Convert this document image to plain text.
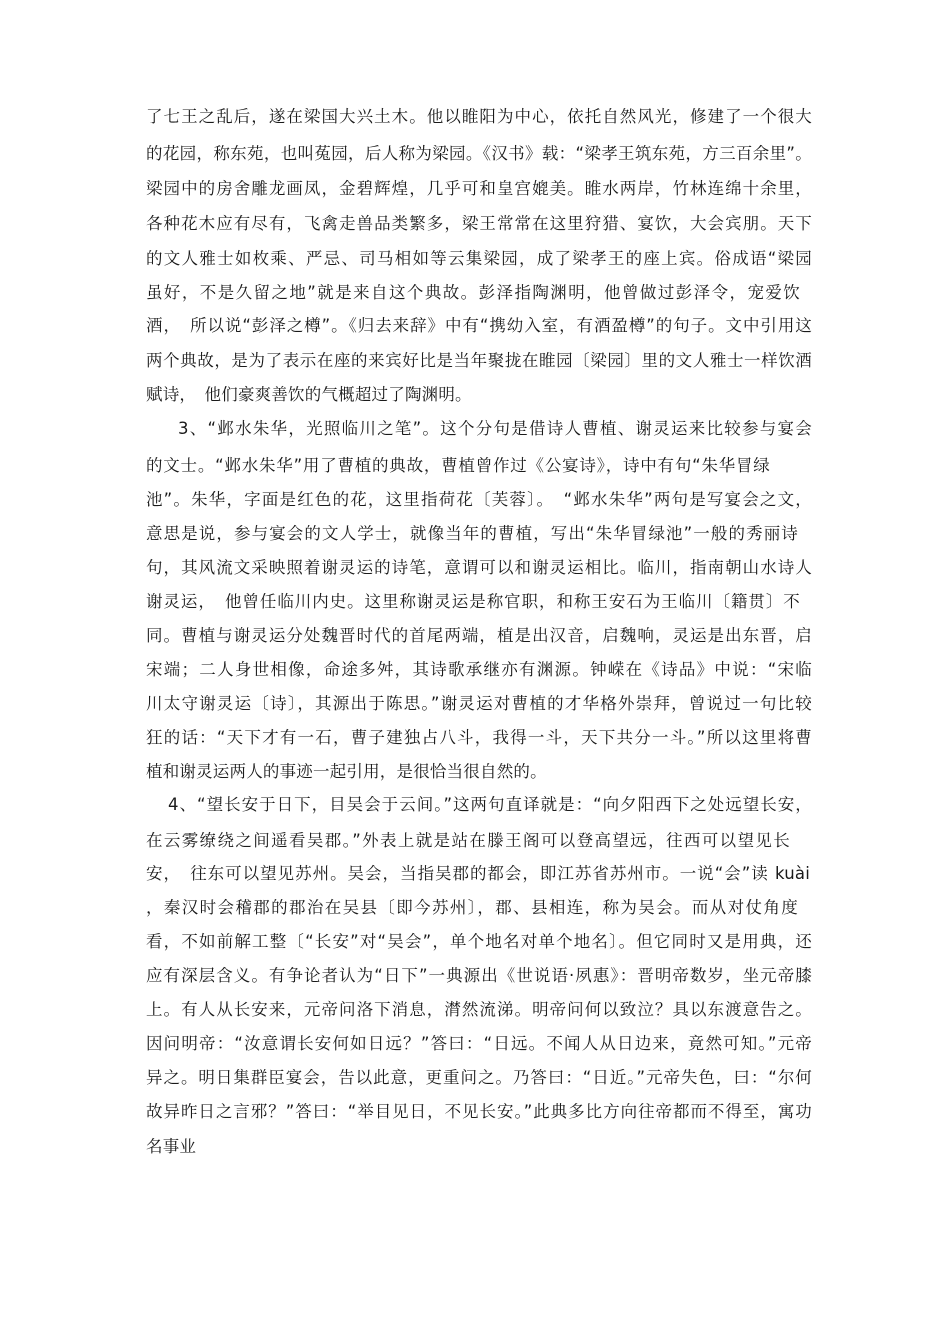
了七王之乱后，遂在梁国大兴土木。他以睢阳为中心，依托自然风光，修建了一个很大
的花园，称东苑，也叫菟园，后人称为梁园。《汉书》载：“梁孝王筑东苑，方三百余里”。
梁园中的房舍雕龙画凤，金碧辉煌，几乎可和皇宫媲美。睢水两岸，竹林连绵十余里，
各种花木应有尽有，飞禽走兽品类繁多，梁王常常在这里狩猎、宴饮，大会宾朋。天下
的文人雅士如枚乘、严忌、司马相如等云集梁园，成了梁孝王的座上宾。俗成语“梁园
虽好，不是久留之地”就是来自这个典故。彭泽指陶渊明，他曾做过彭泽令，宠爱饮
酒，　所以说“彭泽之樽”。《归去来辞》中有“携幼入室，有酒盈樽”的句子。文中引用这
两个典故，是为了表示在座的来宾好比是当年聚拢在睢园〔梁园〕里的文人雅士一样饮酒
赋诗，　他们豪爽善饮的气概超过了陶渊明。
3、“邺水朱华，光照临川之笔”。这个分句是借诗人曹植、谢灵运来比较参与宴会
的文士。“邺水朱华”用了曹植的典故，曹植曾作过《公宴诗》，诗中有句“朱华冒绿
池”。朱华，字面是红色的花，这里指荷花〔芙蓉〕。　“邺水朱华”两句是写宴会之文，
意思是说，参与宴会的文人学士，就像当年的曹植，写出“朱华冒绿池”一般的秀丽诗
句，其风流文采映照着谢灵运的诗笔，意谓可以和谢灵运相比。临川，指南朝山水诗人
谢灵运，　他曾任临川内史。这里称谢灵运是称官职，和称王安石为王临川〔籍贯〕不
同。曹植与谢灵运分处魏晋时代的首尾两端，植是出汉音，启魏响，灵运是出东晋，启
宋端；二人身世相像，命途多舛，其诗歌承继亦有渊源。钟嵘在《诗品》中说：“宋临
川太守谢灵运〔诗〕，其源出于陈思。”谢灵运对曹植的才华格外崇拜，曾说过一句比较
狂的话：“天下才有一石，曹子建独占八斗，我得一斗，天下共分一斗。”所以这里将曹
植和谢灵运两人的事迹一起引用，是很恰当很自然的。
4、“望长安于日下，目吴会于云间。”这两句直译就是：“向夕阳西下之处远望长安，
在云雾缭绕之间遥看吴郡。”外表上就是站在滕王阁可以登高望远，往西可以望见长
安，　往东可以望见苏州。吴会，当指吴郡的都会，即江苏省苏州市。一说“会”读 kuài
，秦汉时会稽郡的郡治在吴县〔即今苏州〕，郡、县相连，称为吴会。而从对仗角度
看，不如前解工整〔“长安”对“吴会”，单个地名对单个地名〕。但它同时又是用典，还
应有深层含义。有争论者认为“日下”一典源出《世说语·夙惠》：晋明帝数岁，坐元帝膝
上。有人从长安来，元帝问洛下消息，潸然流涕。明帝问何以致泣？具以东渡意告之。
因问明帝：“汝意谓长安何如日远？”答曰：“日远。不闻人从日边来，竟然可知。”元帝
异之。明日集群臣宴会，告以此意，更重问之。乃答曰：“日近。”元帝失色，曰：“尔何
故异昨日之言邪？”答曰：“举目见日，不见长安。”此典多比方向往帝都而不得至，寓功
名事业
